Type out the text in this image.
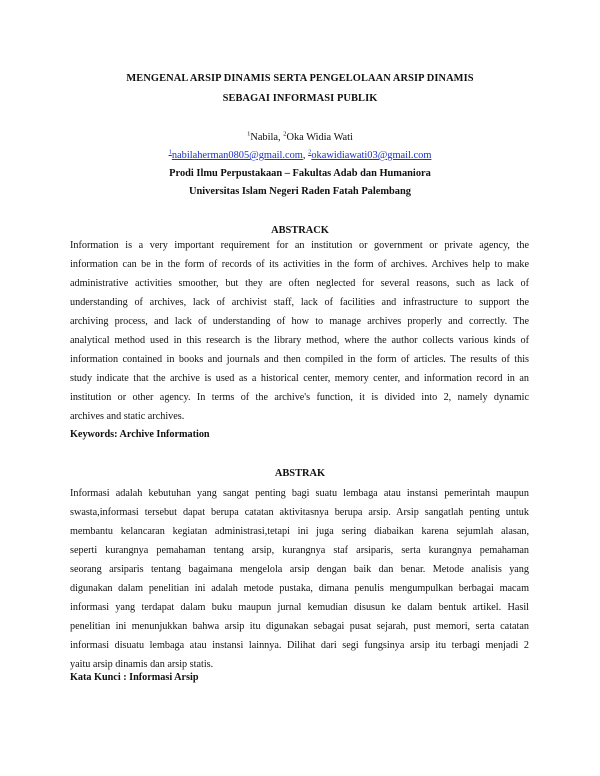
MENGENAL ARSIP DINAMIS SERTA PENGELOLAAN ARSIP DINAMIS
SEBAGAI INFORMASI PUBLIK
$^1$Nabila, $^2$Oka Widia Wati
$^1$nabilaherman0805@gmail.com, $^2$okawidiawati03@gmail.com
Prodi Ilmu Perpustakaan – Fakultas Adab dan Humaniora
Universitas Islam Negeri Raden Fatah Palembang
ABSTRACK
Information is a very important requirement for an institution or government or private agency, the
information can be in the form of records of its activities in the form of archives. Archives help to make
administrative activities smoother, but they are often neglected for several reasons, such as lack of
understanding of archives, lack of archivist staff, lack of facilities and infrastructure to support the
archiving process, and lack of understanding of how to manage archives properly and correctly. The
analytical method used in this research is the library method, where the author collects various kinds of
information contained in books and journals and then compiled in the form of articles. The results of this
study indicate that the archive is used as a historical center, memory center, and information record in an
institution or other agency. In terms of the archive's function, it is divided into 2, namely dynamic
archives and static archives.
Keywords: Archive Information
ABSTRAK
Informasi adalah kebutuhan yang sangat penting bagi suatu lembaga atau instansi pemerintah maupun
swasta,informasi tersebut dapat berupa catatan aktivitasnya berupa arsip. Arsip sangatlah penting untuk
membantu kelancaran kegiatan administrasi,tetapi ini juga sering diabaikan karena sejumlah alasan,
seperti kurangnya pemahaman tentang arsip, kurangnya staf arsiparis, serta kurangnya pemahaman
seorang arsiparis tentang bagaimana mengelola arsip dengan baik dan benar. Metode analisis yang
digunakan dalam penelitian ini adalah metode pustaka, dimana penulis mengumpulkan berbagai macam
informasi yang terdapat dalam buku maupun jurnal kemudian disusun ke dalam bentuk artikel. Hasil
penelitian ini menunjukkan bahwa arsip itu digunakan sebagai pusat sejarah, pust memori, serta catatan
informasi disuatu lembaga atau instansi lainnya. Dilihat dari segi fungsinya arsip itu terbagi menjadi 2
yaitu arsip dinamis dan arsip statis.
Kata Kunci : Informasi Arsip
